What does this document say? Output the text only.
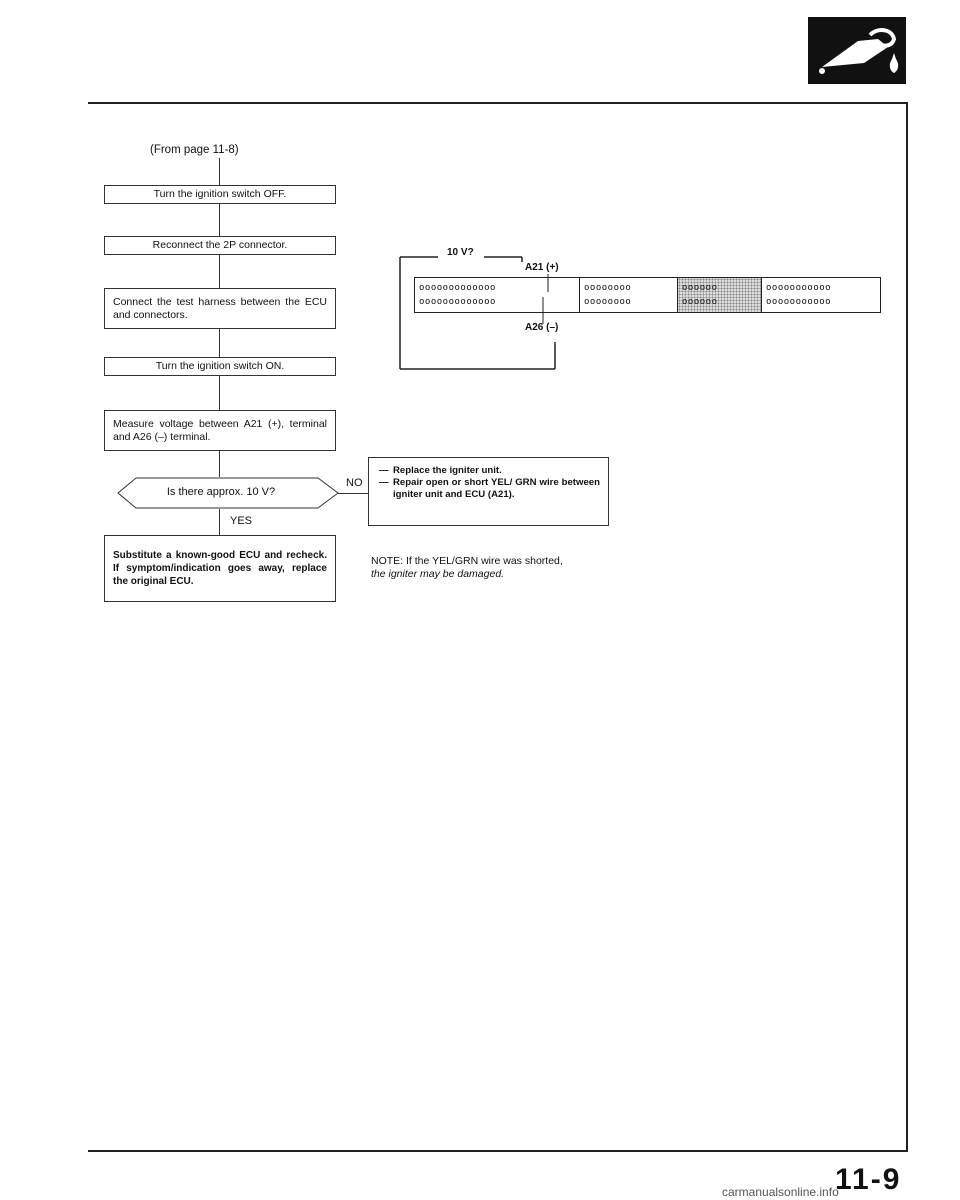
(From page 11-8)
Turn the ignition switch OFF.
Reconnect the 2P connector.
Connect the test harness between the ECU and connectors.
Turn the ignition switch ON.
Measure voltage between A21 (+), terminal and A26 (–) terminal.
Is there approx. 10 V?
NO
YES
Substitute a known-good ECU and recheck. If symptom/indication goes away, replace the original ECU.
— Replace the igniter unit.
— Repair open or short YEL/ GRN wire between igniter unit and ECU (A21).
NOTE: If the YEL/GRN wire was shorted,
the igniter may be damaged.
10 V?
A21 (+)
A26 (–)
ooooooooooooo
ooooooooooooo
oooooooo
oooooooo
oooooo
oooooo
ooooooooooo
ooooooooooo
11-9
carmanualsonline.info
